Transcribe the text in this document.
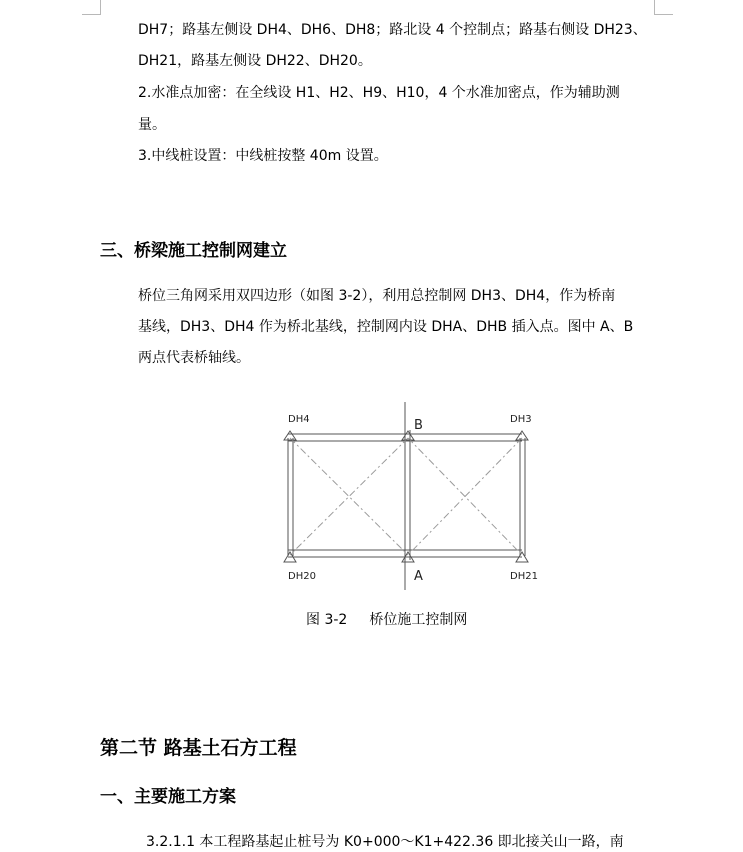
DH7；路基左侧设 DH4、DH6、DH8；路北设 4 个控制点；路基右侧设 DH23、
DH21，路基左侧设 DH22、DH20。
2.水准点加密：在全线设 H1、H2、H9、H10，4 个水准加密点，作为辅助测
量。
3.中线桩设置：中线桩按整 40m 设置。
三、桥梁施工控制网建立
桥位三角网采用双四边形（如图 3-2），利用总控制网 DH3、DH4，作为桥南
基线，DH3、DH4 作为桥北基线，控制网内设 DHA、DHB 插入点。图中 A、B
两点代表桥轴线。
DH4	B	DH3
DH20	A	DH21
图 3-2 桥位施工控制网
第二节 路基土石方工程
一、主要施工方案
3.2.1.1 本工程路基起止桩号为 K0+000～K1+422.36 即北接关山一路，南
